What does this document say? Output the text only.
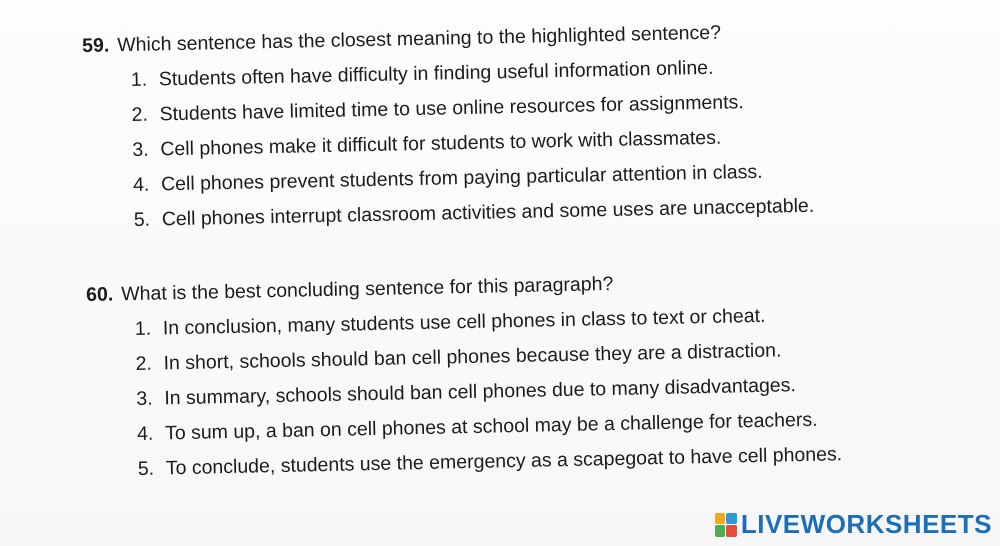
59. Which sentence has the closest meaning to the highlighted sentence?
1. Students often have difficulty in finding useful information online.
2. Students have limited time to use online resources for assignments.
3. Cell phones make it difficult for students to work with classmates.
4. Cell phones prevent students from paying particular attention in class.
5. Cell phones interrupt classroom activities and some uses are unacceptable.
60. What is the best concluding sentence for this paragraph?
1. In conclusion, many students use cell phones in class to text or cheat.
2. In short, schools should ban cell phones because they are a distraction.
3. In summary, schools should ban cell phones due to many disadvantages.
4. To sum up, a ban on cell phones at school may be a challenge for teachers.
5. To conclude, students use the emergency as a scapegoat to have cell phones.
LIVEWORKSHEETS
